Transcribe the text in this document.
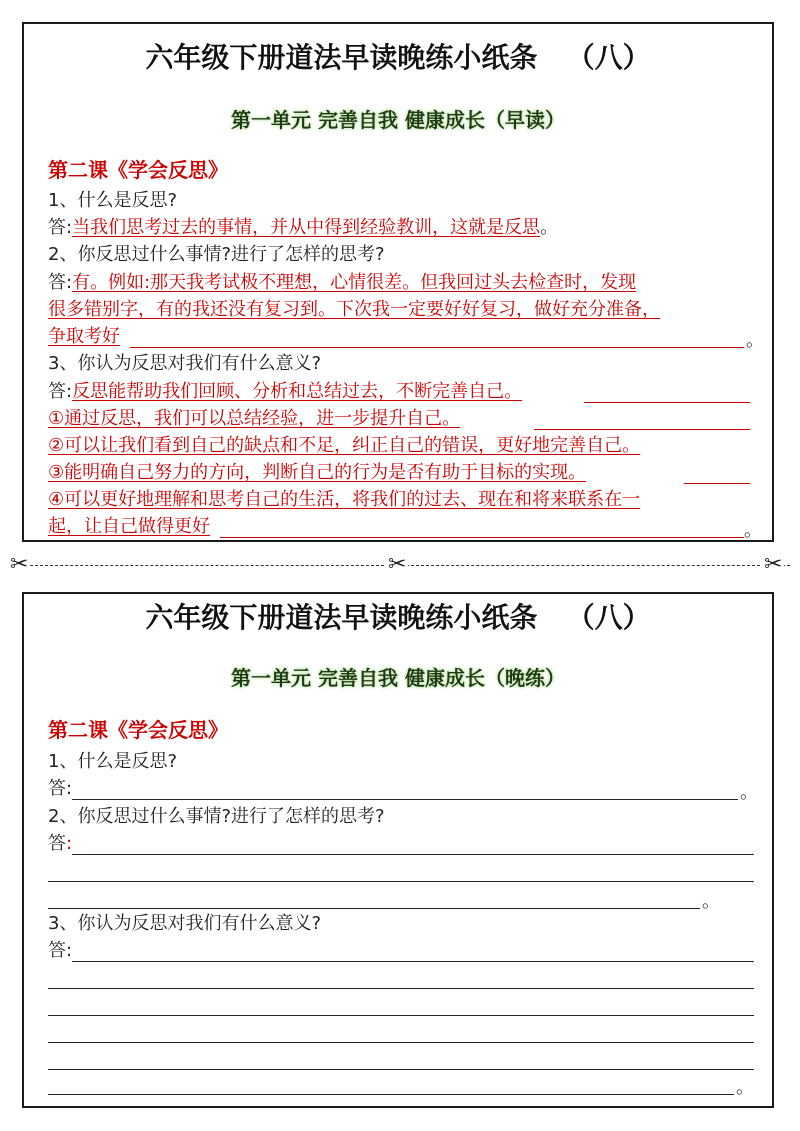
六年级下册道法早读晚练小纸条   （八）
第一单元 完善自我 健康成长（早读）
第二课《学会反思》
1、什么是反思?
答:当我们思考过去的事情，并从中得到经验教训，这就是反思。
2、你反思过什么事情?进行了怎样的思考?
答:有。例如:那天我考试极不理想，心情很差。但我回过头去检查时，发现
很多错别字，有的我还没有复习到。下次我一定要好好复习，做好充分准备，
争取考好	。
3、你认为反思对我们有什么意义?
答:反思能帮助我们回顾、分析和总结过去，不断完善自己。
①通过反思，我们可以总结经验，进一步提升自己。
②可以让我们看到自己的缺点和不足，纠正自己的错误，更好地完善自己。
③能明确自己努力的方向，判断自己的行为是否有助于目标的实现。
④可以更好地理解和思考自己的生活，将我们的过去、现在和将来联系在一
起，让自己做得更好	。
✂	✂	✂
六年级下册道法早读晚练小纸条   （八）
第一单元 完善自我 健康成长（晚练）
第二课《学会反思》
1、什么是反思?
答:	。
2、你反思过什么事情?进行了怎样的思考?
答:
。
3、你认为反思对我们有什么意义?
答:
。
